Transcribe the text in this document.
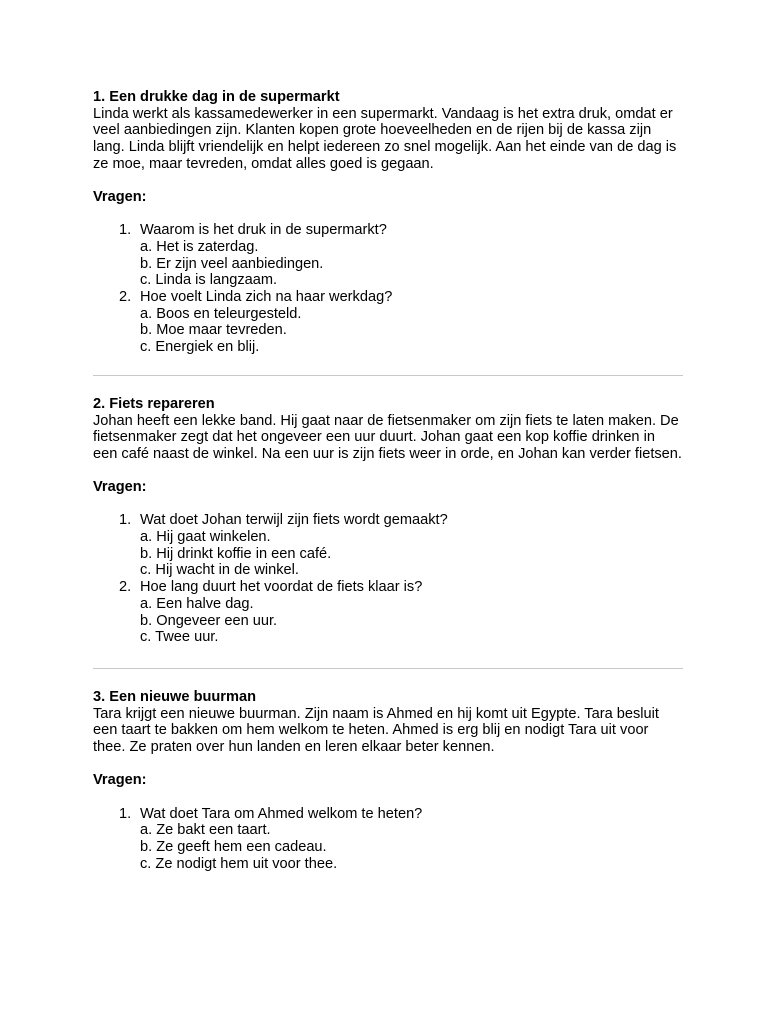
1. Een drukke dag in de supermarkt

Linda werkt als kassamedewerker in een supermarkt. Vandaag is het extra druk, omdat er veel aanbiedingen zijn. Klanten kopen grote hoeveelheden en de rijen bij de kassa zijn lang. Linda blijft vriendelijk en helpt iedereen zo snel mogelijk. Aan het einde van de dag is ze moe, maar tevreden, omdat alles goed is gegaan.

Vragen:

1. Waarom is het druk in de supermarkt?
a. Het is zaterdag.
b. Er zijn veel aanbiedingen.
c. Linda is langzaam.
2. Hoe voelt Linda zich na haar werkdag?
a. Boos en teleurgesteld.
b. Moe maar tevreden.
c. Energiek en blij.

2. Fiets repareren

Johan heeft een lekke band. Hij gaat naar de fietsenmaker om zijn fiets te laten maken. De fietsenmaker zegt dat het ongeveer een uur duurt. Johan gaat een kop koffie drinken in een café naast de winkel. Na een uur is zijn fiets weer in orde, en Johan kan verder fietsen.

Vragen:

1. Wat doet Johan terwijl zijn fiets wordt gemaakt?
a. Hij gaat winkelen.
b. Hij drinkt koffie in een café.
c. Hij wacht in de winkel.
2. Hoe lang duurt het voordat de fiets klaar is?
a. Een halve dag.
b. Ongeveer een uur.
c. Twee uur.

3. Een nieuwe buurman

Tara krijgt een nieuwe buurman. Zijn naam is Ahmed en hij komt uit Egypte. Tara besluit een taart te bakken om hem welkom te heten. Ahmed is erg blij en nodigt Tara uit voor thee. Ze praten over hun landen en leren elkaar beter kennen.

Vragen:

1. Wat doet Tara om Ahmed welkom te heten?
a. Ze bakt een taart.
b. Ze geeft hem een cadeau.
c. Ze nodigt hem uit voor thee.
